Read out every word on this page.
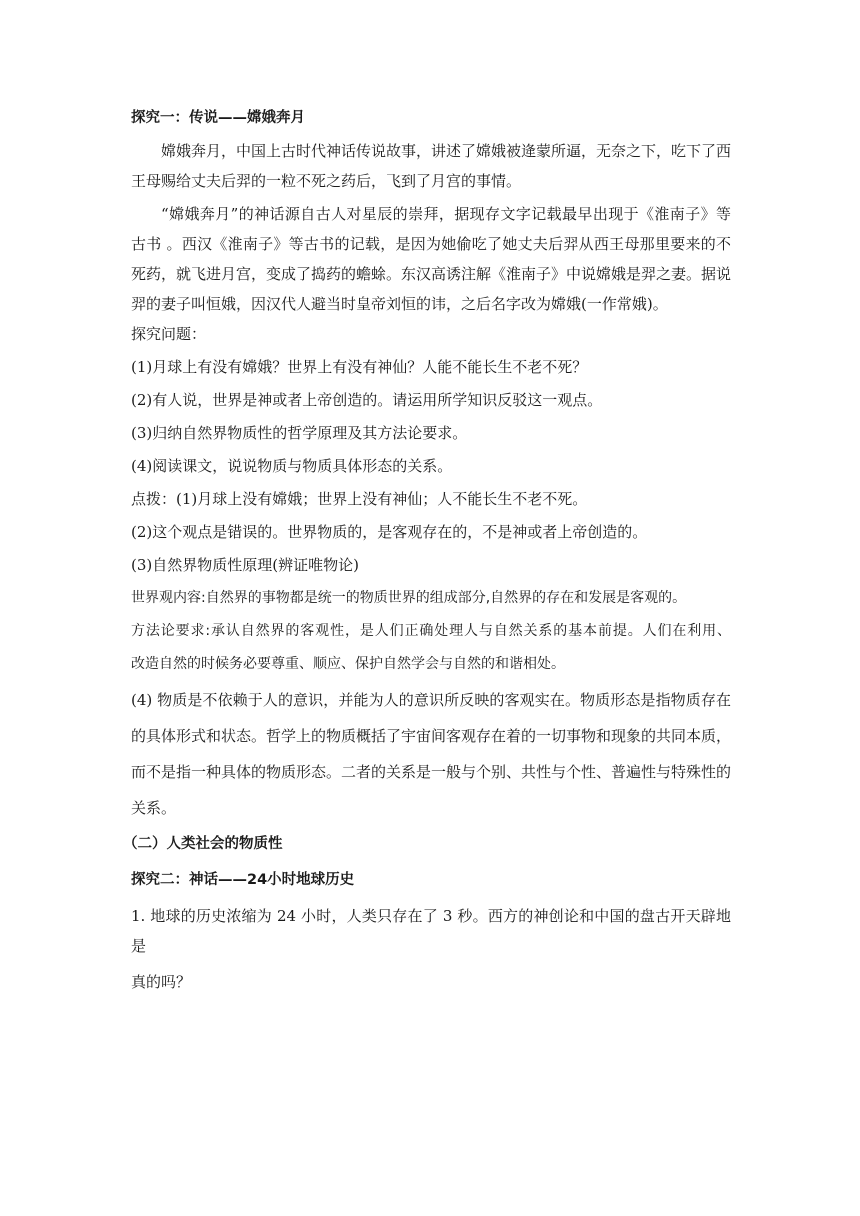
探究一：传说——嫦娥奔月

嫦娥奔月，中国上古时代神话传说故事，讲述了嫦娥被逄蒙所逼，无奈之下，吃下了西

王母赐给丈夫后羿的一粒不死之药后，飞到了月宫的事情。

“嫦娥奔月”的神话源自古人对星辰的崇拜，据现存文字记载最早出现于《淮南子》等

古书 。西汉《淮南子》等古书的记载，是因为她偷吃了她丈夫后羿从西王母那里要来的不

死药，就飞进月宫，变成了捣药的蟾蜍。东汉高诱注解《淮南子》中说嫦娥是羿之妻。据说

羿的妻子叫恒娥，因汉代人避当时皇帝刘恒的讳，之后名字改为嫦娥(一作常娥)。

探究问题：

(1)月球上有没有嫦娥？世界上有没有神仙？人能不能长生不老不死？

(2)有人说，世界是神或者上帝创造的。请运用所学知识反驳这一观点。

(3)归纳自然界物质性的哲学原理及其方法论要求。

(4)阅读课文，说说物质与物质具体形态的关系。

点拨：(1)月球上没有嫦娥；世界上没有神仙；人不能长生不老不死。

(2)这个观点是错误的。世界物质的，是客观存在的，不是神或者上帝创造的。

(3)自然界物质性原理(辨证唯物论)

世界观内容:自然界的事物都是统一的物质世界的组成部分,自然界的存在和发展是客观的。

方法论要求:承认自然界的客观性，是人们正确处理人与自然关系的基本前提。人们在利用、

改造自然的时候务必要尊重、顺应、保护自然学会与自然的和谐相处。

(4) 物质是不依赖于人的意识，并能为人的意识所反映的客观实在。物质形态是指物质存在

的具体形式和状态。哲学上的物质概括了宇宙间客观存在着的一切事物和现象的共同本质，

而不是指一种具体的物质形态。二者的关系是一般与个别、共性与个性、普遍性与特殊性的

关系。

（二）人类社会的物质性

探究二：神话——24小时地球历史

1. 地球的历史浓缩为 24 小时，人类只存在了 3 秒。西方的神创论和中国的盘古开天辟地是

真的吗？
